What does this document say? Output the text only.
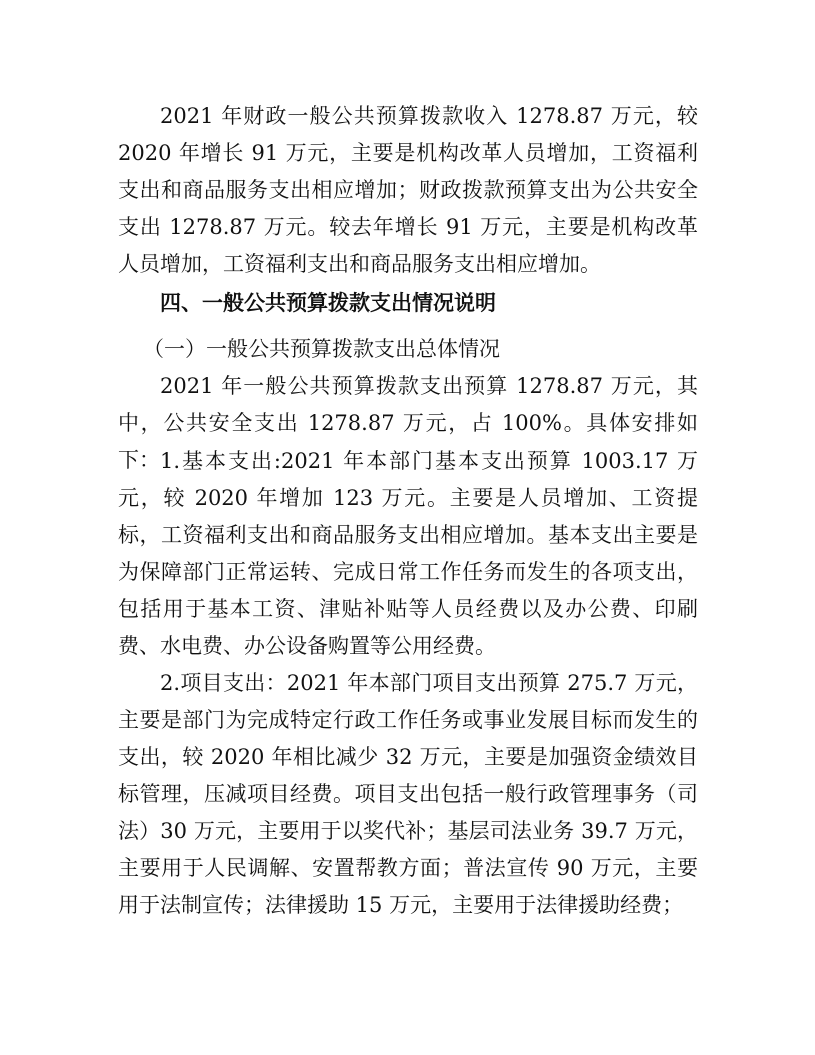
2021 年财政一般公共预算拨款收入 1278.87 万元，较 2020 年增长 91 万元，主要是机构改革人员增加，工资福利支出和商品服务支出相应增加；财政拨款预算支出为公共安全支出 1278.87 万元。较去年增长 91 万元，主要是机构改革人员增加，工资福利支出和商品服务支出相应增加。

四、一般公共预算拨款支出情况说明

（一）一般公共预算拨款支出总体情况

2021 年一般公共预算拨款支出预算 1278.87 万元，其中，公共安全支出 1278.87 万元，占 100%。具体安排如下： 1.基本支出:2021 年本部门基本支出预算 1003.17 万元，较 2020 年增加 123 万元。主要是人员增加、工资提标，工资福利支出和商品服务支出相应增加。基本支出主要是为保障部门正常运转、完成日常工作任务而发生的各项支出，包括用于基本工资、津贴补贴等人员经费以及办公费、印刷费、水电费、办公设备购置等公用经费。

2.项目支出：2021 年本部门项目支出预算 275.7 万元，主要是部门为完成特定行政工作任务或事业发展目标而发生的支出，较 2020 年相比减少 32 万元，主要是加强资金绩效目标管理，压减项目经费。项目支出包括一般行政管理事务（司法）30 万元，主要用于以奖代补；基层司法业务 39.7 万元，主要用于人民调解、安置帮教方面；普法宣传 90 万元，主要用于法制宣传；法律援助 15 万元，主要用于法律援助经费；
